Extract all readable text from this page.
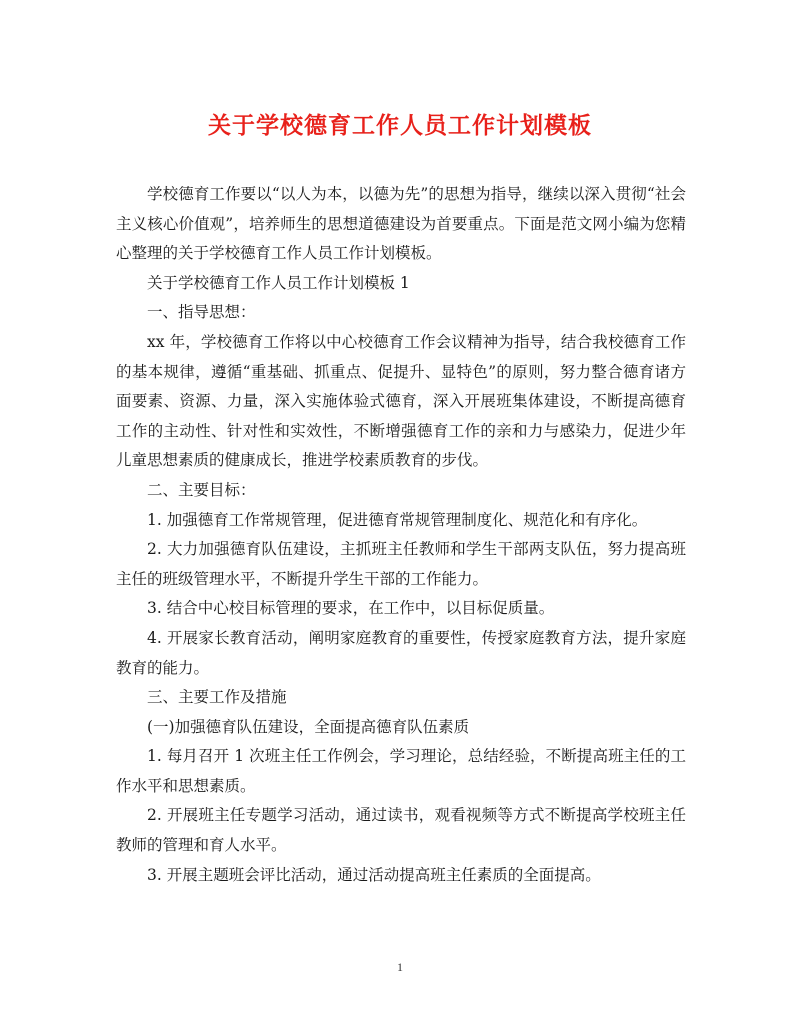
关于学校德育工作人员工作计划模板

学校德育工作要以“以人为本，以德为先”的思想为指导，继续以深入贯彻“社会主义核心价值观”，培养师生的思想道德建设为首要重点。下面是范文网小编为您精心整理的关于学校德育工作人员工作计划模板。

关于学校德育工作人员工作计划模板 1

一、指导思想：

xx 年，学校德育工作将以中心校德育工作会议精神为指导，结合我校德育工作的基本规律，遵循“重基础、抓重点、促提升、显特色”的原则，努力整合德育诸方面要素、资源、力量，深入实施体验式德育，深入开展班集体建设，不断提高德育工作的主动性、针对性和实效性，不断增强德育工作的亲和力与感染力，促进少年儿童思想素质的健康成长，推进学校素质教育的步伐。

二、主要目标：

1. 加强德育工作常规管理，促进德育常规管理制度化、规范化和有序化。

2. 大力加强德育队伍建设，主抓班主任教师和学生干部两支队伍，努力提高班主任的班级管理水平，不断提升学生干部的工作能力。

3. 结合中心校目标管理的要求，在工作中，以目标促质量。

4. 开展家长教育活动，阐明家庭教育的重要性，传授家庭教育方法，提升家庭教育的能力。

三、主要工作及措施

(一)加强德育队伍建设，全面提高德育队伍素质

1. 每月召开 1 次班主任工作例会，学习理论，总结经验，不断提高班主任的工作水平和思想素质。

2. 开展班主任专题学习活动，通过读书，观看视频等方式不断提高学校班主任教师的管理和育人水平。

3. 开展主题班会评比活动，通过活动提高班主任素质的全面提高。

1
